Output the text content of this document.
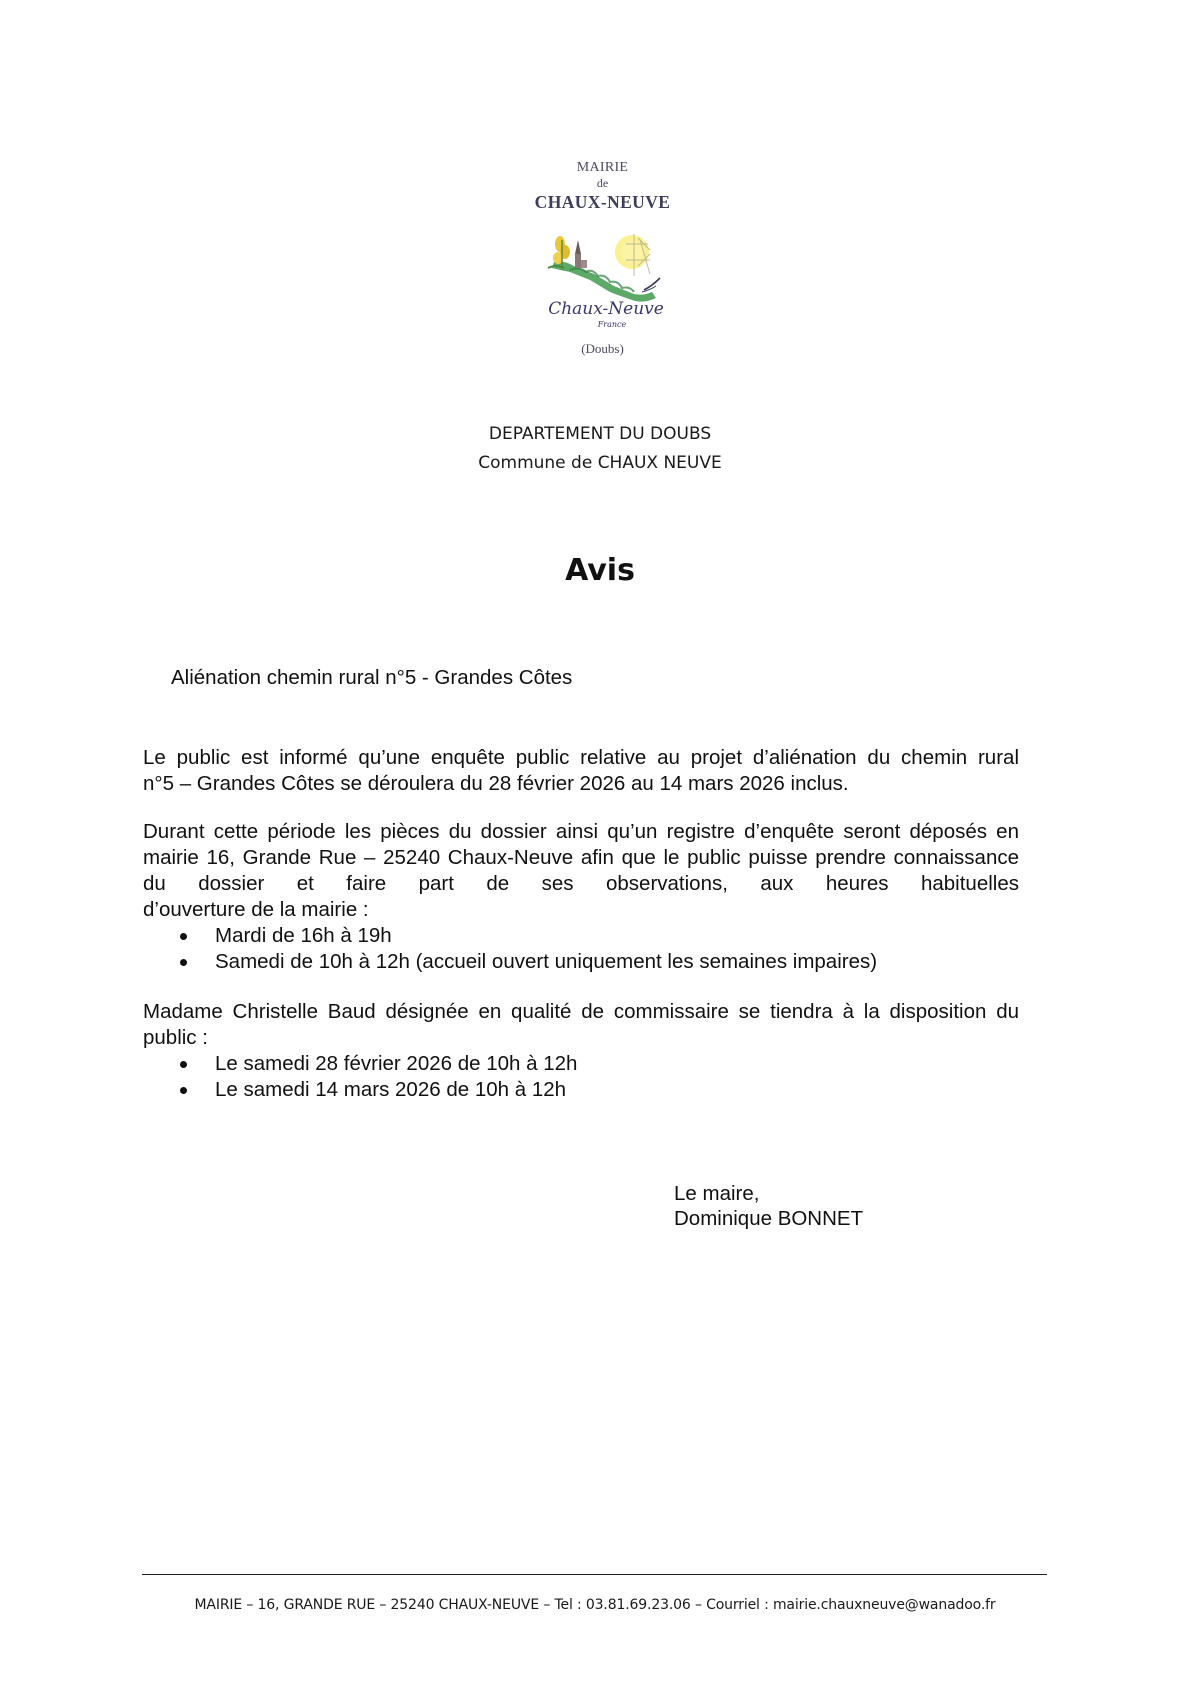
MAIRIE
de
CHAUX-NEUVE
Chaux-Neuve
France
(Doubs)
DEPARTEMENT DU DOUBS
Commune de CHAUX NEUVE
Avis
Aliénation chemin rural n°5 - Grandes Côtes
Le public est informé qu’une enquête public relative au projet d’aliénation du chemin rural
n°5 – Grandes Côtes se déroulera du 28 février 2026 au 14 mars 2026 inclus.
Durant cette période les pièces du dossier ainsi qu’un registre d’enquête seront déposés en mairie 16, Grande Rue – 25240 Chaux-Neuve afin que le public puisse prendre connaissance du dossier et faire part de ses observations, aux heures habituelles
d’ouverture de la mairie :
Mardi de 16h à 19h
Samedi de 10h à 12h (accueil ouvert uniquement les semaines impaires)
Madame Christelle Baud désignée en qualité de commissaire se tiendra à la disposition du
public :
Le samedi 28 février 2026 de 10h à 12h
Le samedi 14 mars 2026 de 10h à 12h
Le maire,
Dominique BONNET
MAIRIE – 16, GRANDE RUE – 25240 CHAUX-NEUVE – Tel : 03.81.69.23.06 – Courriel : mairie.chauxneuve@wanadoo.fr
